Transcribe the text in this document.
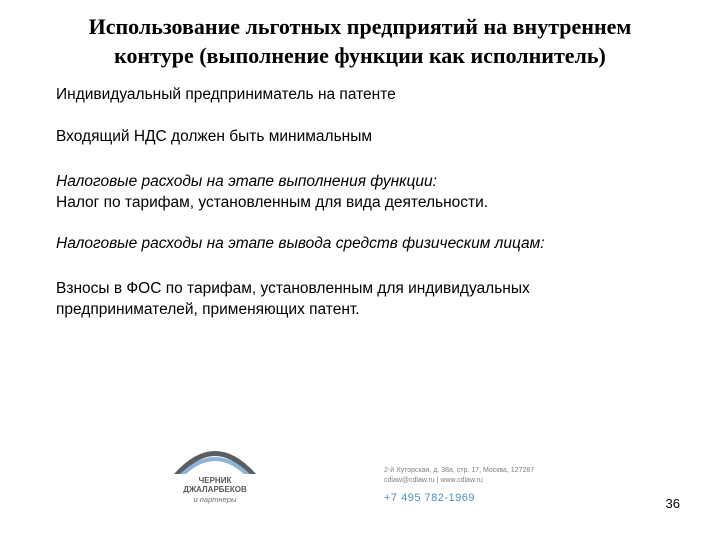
Использование льготных предприятий на внутреннем
контуре (выполнение функции как исполнитель)

Индивидуальный предприниматель на патенте

Входящий НДС должен быть минимальным

Налоговые расходы на этапе выполнения функции:
Налог по тарифам, установленным для вида деятельности.

Налоговые расходы на этапе вывода средств физическим лицам:

Взносы в ФОС по тарифам, установленным для индивидуальных
предпринимателей, применяющих патент.

ЧЕРНИК
ДЖАЛАРБЕКОВ
и партнеры
2-й Хуторская, д. 38а, стр. 17, Москва, 127287
cdlaw@cdlaw.ru | www.cdlaw.ru
+7 495 782-1969	36
